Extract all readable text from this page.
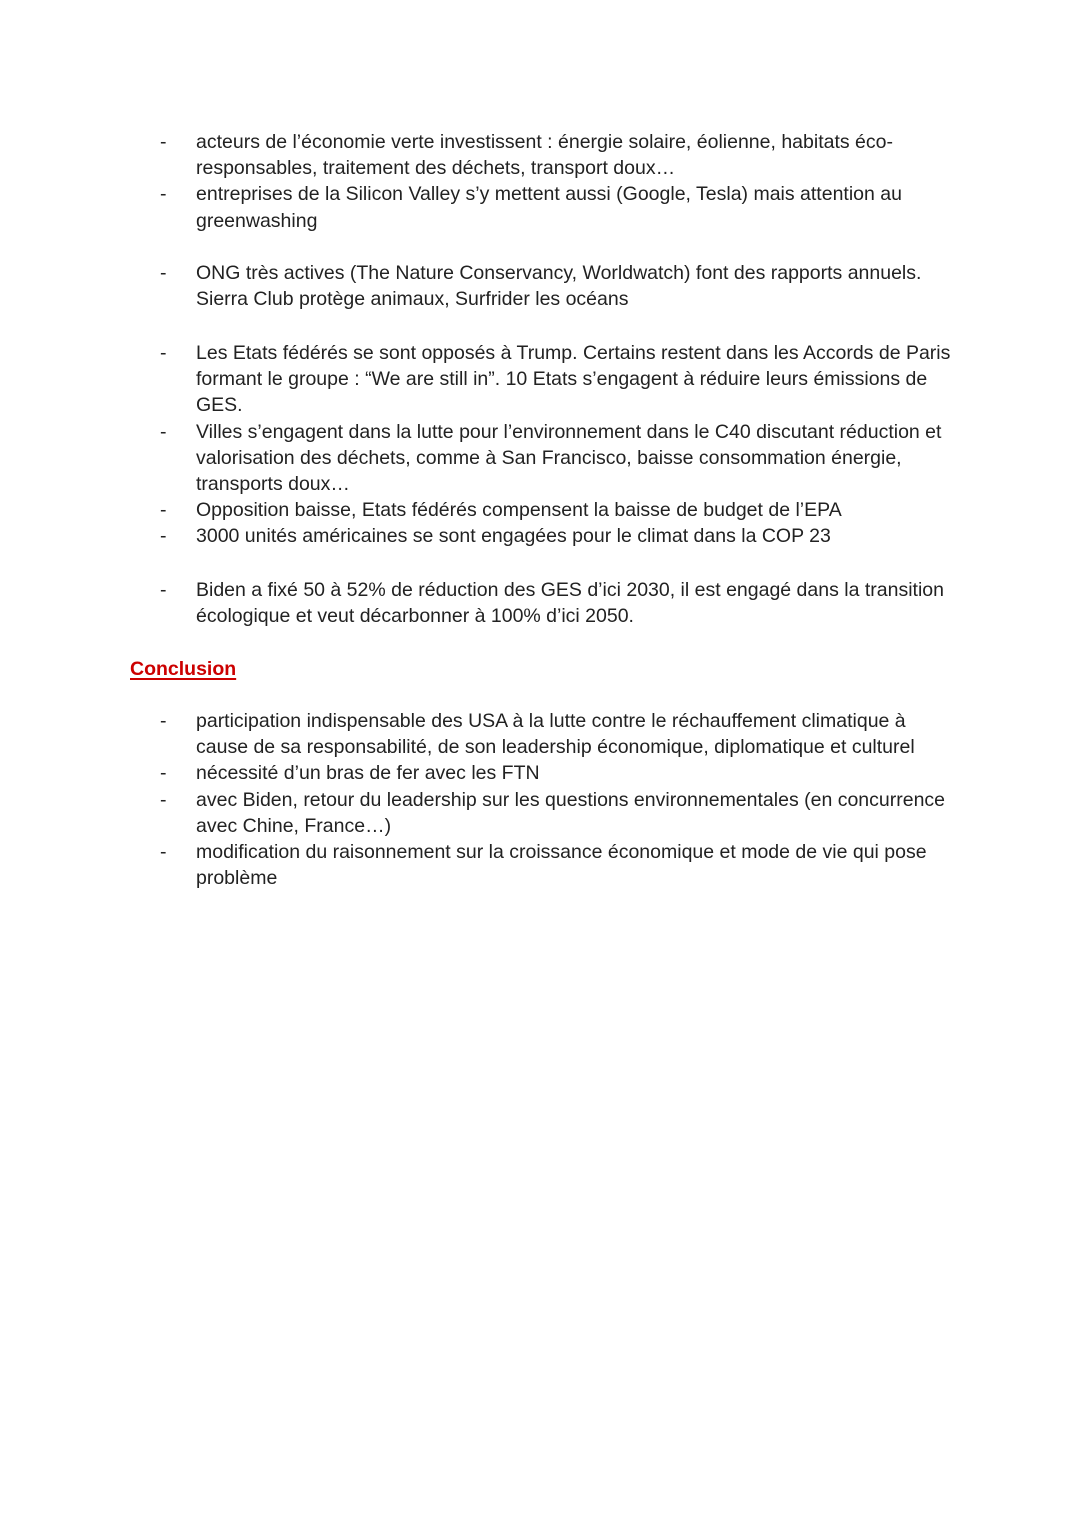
-	acteurs de l’économie verte investissent : énergie solaire, éolienne, habitats éco-responsables, traitement des déchets, transport doux…

-	entreprises de la Silicon Valley s’y mettent aussi (Google, Tesla) mais attention au greenwashing

-	ONG très actives (The Nature Conservancy, Worldwatch) font des rapports annuels. Sierra Club protège animaux, Surfrider les océans

-	Les Etats fédérés se sont opposés à Trump. Certains restent dans les Accords de Paris formant le groupe : “We are still in”. 10 Etats s’engagent à réduire leurs émissions de GES.

-	Villes s’engagent dans la lutte pour l’environnement dans le C40 discutant réduction et valorisation des déchets, comme à San Francisco, baisse consommation énergie, transports doux…

-	Opposition baisse, Etats fédérés compensent la baisse de budget de l’EPA

-	3000 unités américaines se sont engagées pour le climat dans la COP 23

-	Biden a fixé 50 à 52% de réduction des GES d’ici 2030, il est engagé dans la transition écologique et veut décarbonner à 100% d’ici 2050.

Conclusion

-	participation indispensable des USA à la lutte contre le réchauffement climatique à cause de sa responsabilité, de son leadership économique, diplomatique et culturel

-	nécessité d’un bras de fer avec les FTN

-	avec Biden, retour du leadership sur les questions environnementales (en concurrence avec Chine, France…)

-	modification du raisonnement sur la croissance économique et mode de vie qui pose problème
